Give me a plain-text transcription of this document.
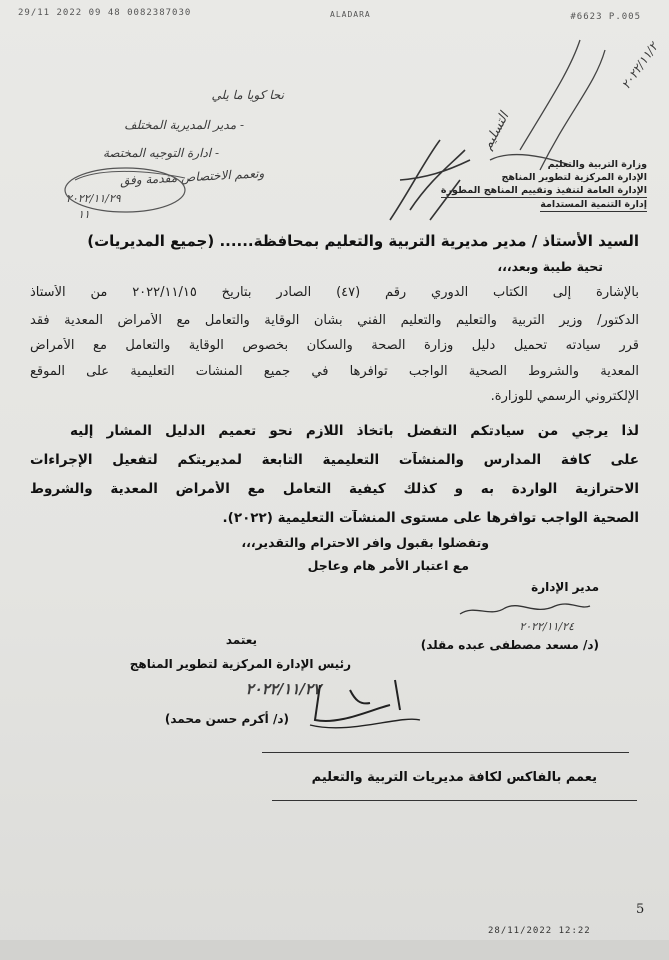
29/11 2022 09 48 0082387030	ALADARA	#6623 P.005
نحا كويا ما يلي
- مدير المديرية المختلف
- ادارة التوجيه المختصة
وتعمم الاختصاص مقدمة وفق
٢٠٢٢/١١/٢
التسليم
٢٠٢٢/١١/٢٩
١١
وزارة التربية والتعليم
الإدارة المركزية لتطوير المناهج
الإدارة العامة لتنفيذ وتقييم المناهج المطورة إدارة التنمية المستدامة
السيد الأستاذ / مدير مديرية التربية والتعليم بمحافظة...... (جميع المديريات)
تحية طيبة وبعد،،،
بالإشارة إلى الكتاب الدوري رقم (٤٧) الصادر بتاريخ ٢٠٢٢/١١/١٥ من الأستاذ
الدكتور/ وزير التربية والتعليم والتعليم الفني بشأن الوقاية والتعامل مع الأمراض المعدية فقد
قرر سيادته تحميل دليل وزارة الصحة والسكان بخصوص الوقاية والتعامل مع الأمراض
المعدية والشروط الصحية الواجب توافرها في جميع المنشآت التعليمية على الموقع
الإلكتروني الرسمي للوزارة.
لذا يرجي من سيادتكم التفضل باتخاذ اللازم نحو تعميم الدليل المشار إليه
على كافة المدارس والمنشآت التعليمية التابعة لمديريتكم لتفعيل الإجراءات
الاحترازية الواردة به و كذلك كيفية التعامل مع الأمراض المعدية والشروط
الصحية الواجب توافرها على مستوى المنشآت التعليمية (٢٠٢٢).
وتفضلوا بقبول وافر الاحترام والتقدير،،،
مع اعتبار الأمر هام وعاجل
مدير الإدارة
٢٠٢٢/١١/٢٤
(د/ مسعد مصطفى عبده مقلد)
يعتمد
رئيس الإدارة المركزية لتطوير المناهج
٢٠٢٢/١١/٢٧
(د/ أكرم حسن محمد)
يعمم بالفاكس لكافة مديريات التربية والتعليم
28/11/2022 12:22
5
